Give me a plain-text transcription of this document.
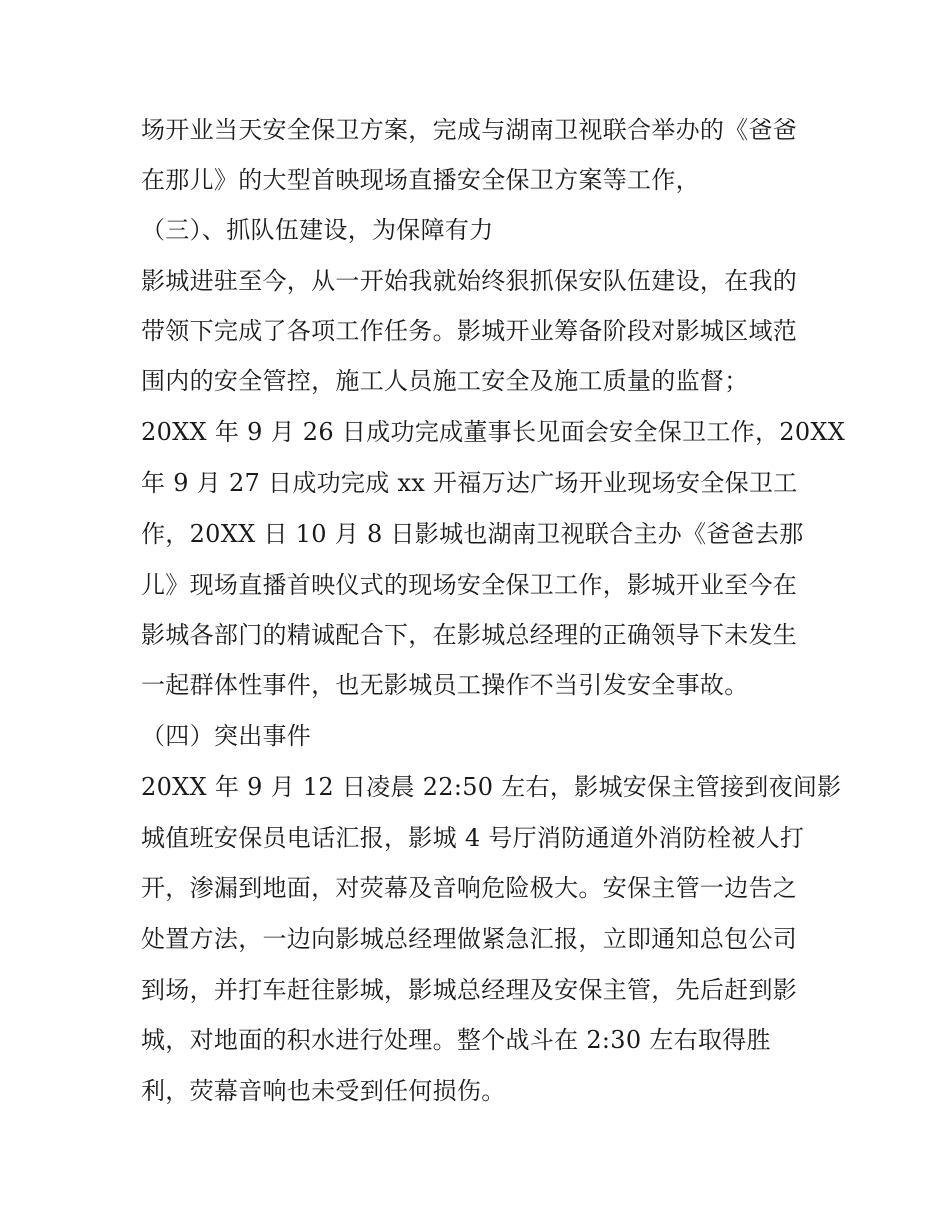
场开业当天安全保卫方案，完成与湖南卫视联合举办的《爸爸
在那儿》的大型首映现场直播安全保卫方案等工作，
（三）、抓队伍建设，为保障有力
影城进驻至今，从一开始我就始终狠抓保安队伍建设，在我的
带领下完成了各项工作任务。影城开业筹备阶段对影城区域范
围内的安全管控，施工人员施工安全及施工质量的监督；
20XX 年 9 月 26 日成功完成董事长见面会安全保卫工作，20XX
年 9 月 27 日成功完成 xx 开福万达广场开业现场安全保卫工
作，20XX 日 10 月 8 日影城也湖南卫视联合主办《爸爸去那
儿》现场直播首映仪式的现场安全保卫工作，影城开业至今在
影城各部门的精诚配合下，在影城总经理的正确领导下未发生
一起群体性事件，也无影城员工操作不当引发安全事故。
（四）突出事件
20XX 年 9 月 12 日凌晨 22:50 左右，影城安保主管接到夜间影
城值班安保员电话汇报，影城 4 号厅消防通道外消防栓被人打
开，渗漏到地面，对荧幕及音响危险极大。安保主管一边告之
处置方法，一边向影城总经理做紧急汇报，立即通知总包公司
到场，并打车赶往影城，影城总经理及安保主管，先后赶到影
城，对地面的积水进行处理。整个战斗在 2:30 左右取得胜
利，荧幕音响也未受到任何损伤。
